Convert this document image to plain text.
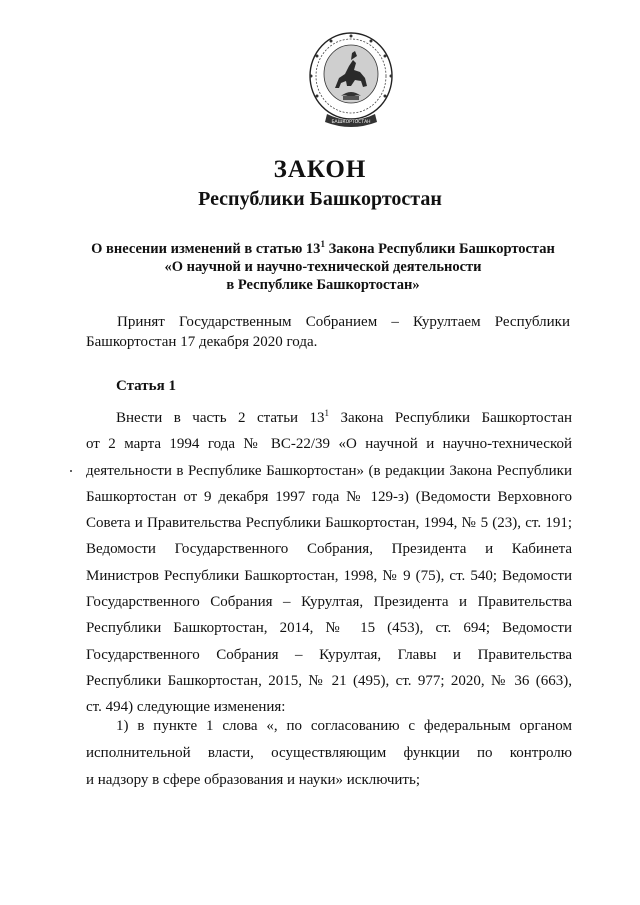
БАШКОРТОСТАН
ЗАКОН
Республики Башкортостан
О внесении изменений в статью $13^1$ Закона Республики Башкортостан
«О научной и научно-технической деятельности
в Республике Башкортостан»
Принят Государственным Собранием – Курултаем Республики
Башкортостан 17 декабря 2020 года.
Статья 1
Внести в часть 2 статьи $13^1$ Закона Республики Башкортостан
от 2 марта 1994 года № ВС-22/39 «О научной и научно-технической
деятельности в Республике Башкортостан» (в редакции Закона Республики
Башкортостан от 9 декабря 1997 года № 129-з) (Ведомости Верховного
Совета и Правительства Республики Башкортостан, 1994, № 5 (23), ст. 191;
Ведомости Государственного Собрания, Президента и Кабинета
Министров Республики Башкортостан, 1998, № 9 (75), ст. 540; Ведомости
Государственного Собрания – Курултая, Президента и Правительства
Республики Башкортостан, 2014, № 15 (453), ст. 694; Ведомости
Государственного Собрания – Курултая, Главы и Правительства
Республики Башкортостан, 2015, № 21 (495), ст. 977; 2020, № 36 (663),
ст. 494) следующие изменения:
1) в пункте 1 слова «, по согласованию с федеральным органом
исполнительной власти, осуществляющим функции по контролю
и надзору в сфере образования и науки» исключить;
